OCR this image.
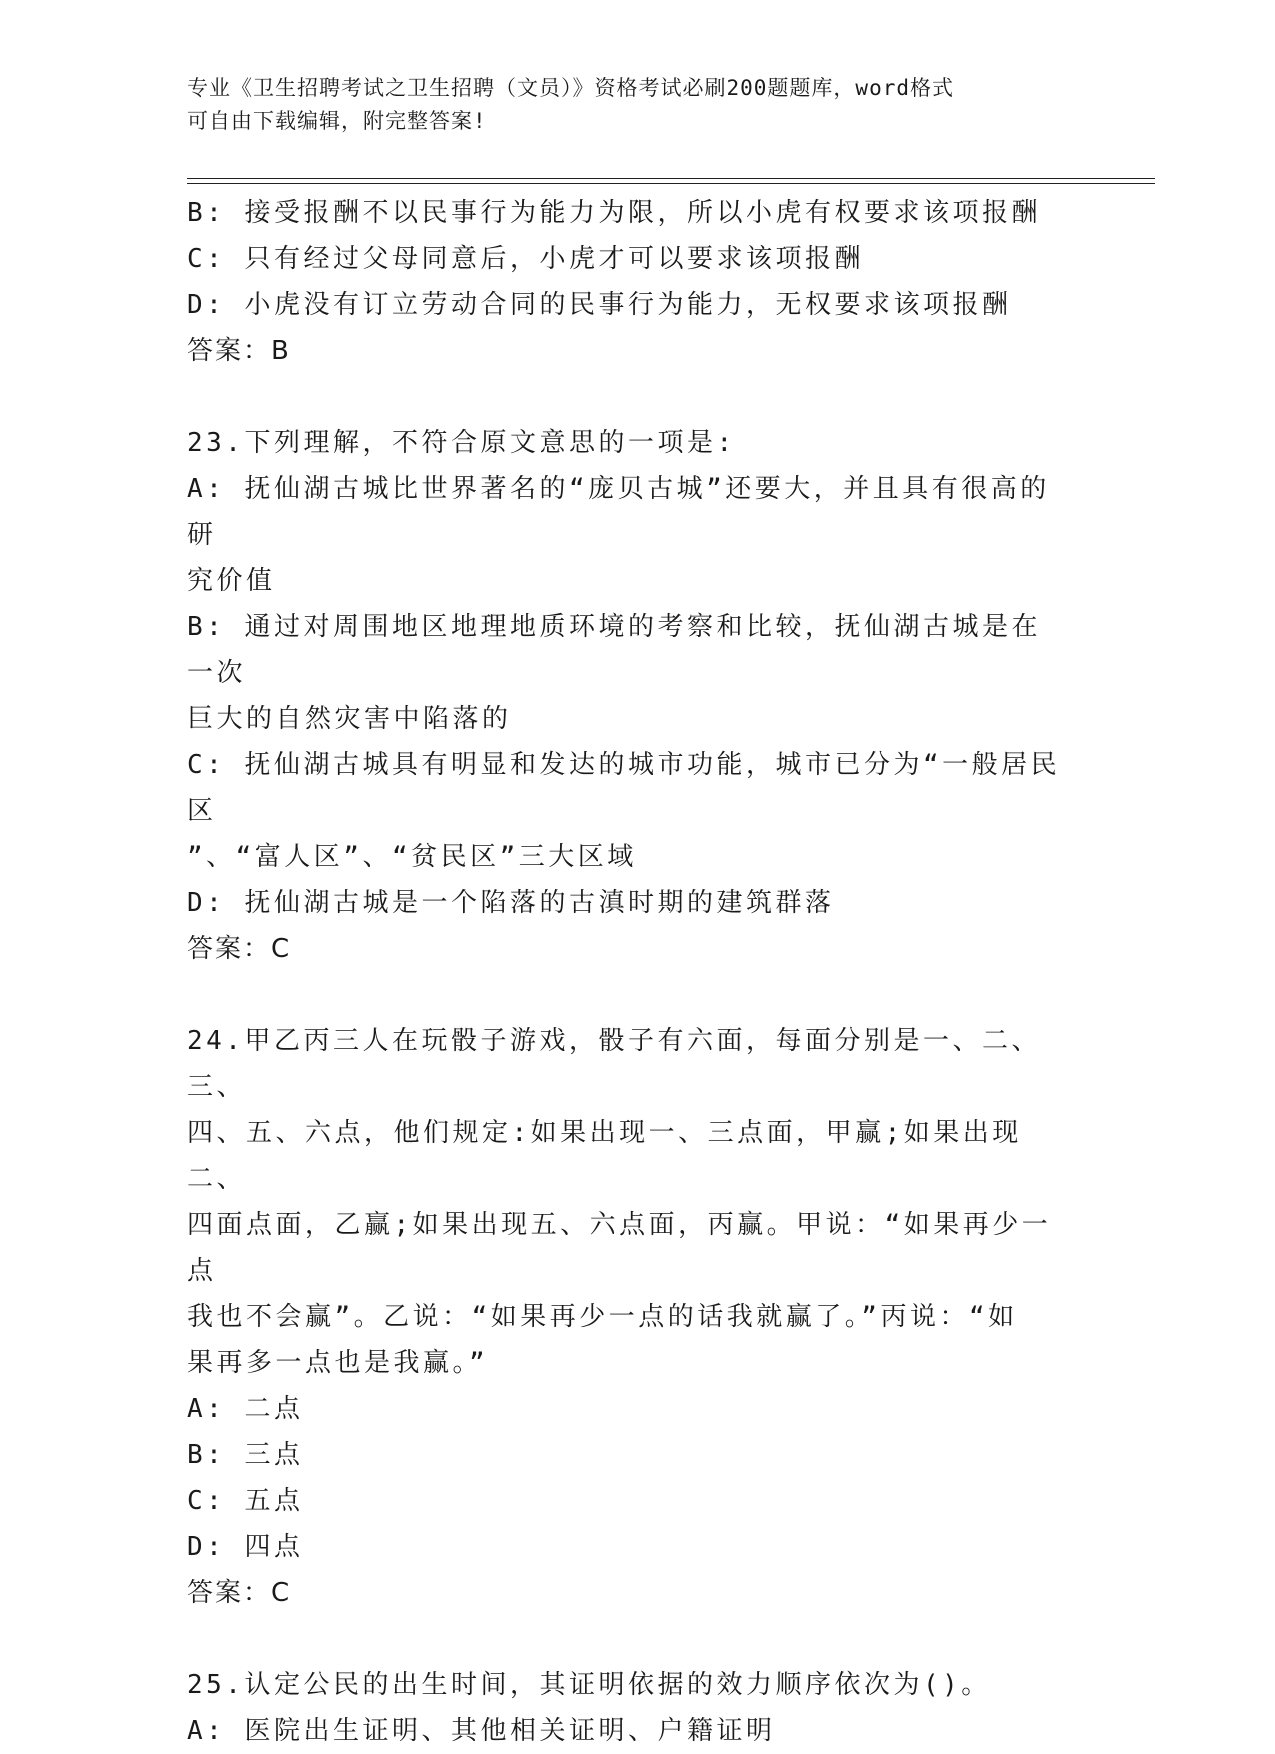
专业《卫生招聘考试之卫生招聘（文员）》资格考试必刷200题题库，word格式
可自由下载编辑，附完整答案!
B: 接受报酬不以民事行为能力为限，所以小虎有权要求该项报酬
C: 只有经过父母同意后，小虎才可以要求该项报酬
D: 小虎没有订立劳动合同的民事行为能力，无权要求该项报酬
答案：B
23.下列理解，不符合原文意思的一项是:
A: 抚仙湖古城比世界著名的“庞贝古城”还要大，并且具有很高的研
究价值
B: 通过对周围地区地理地质环境的考察和比较，抚仙湖古城是在一次
巨大的自然灾害中陷落的
C: 抚仙湖古城具有明显和发达的城市功能，城市已分为“一般居民区
”、“富人区”、“贫民区”三大区域
D: 抚仙湖古城是一个陷落的古滇时期的建筑群落
答案：C
24.甲乙丙三人在玩骰子游戏，骰子有六面，每面分别是一、二、三、
四、五、六点，他们规定:如果出现一、三点面，甲赢;如果出现二、
四面点面，乙赢;如果出现五、六点面，丙赢。甲说：“如果再少一点
我也不会赢”。乙说：“如果再少一点的话我就赢了。”丙说：“如
果再多一点也是我赢。”
A: 二点
B: 三点
C: 五点
D: 四点
答案：C
25.认定公民的出生时间，其证明依据的效力顺序依次为()。
A: 医院出生证明、其他相关证明、户籍证明
